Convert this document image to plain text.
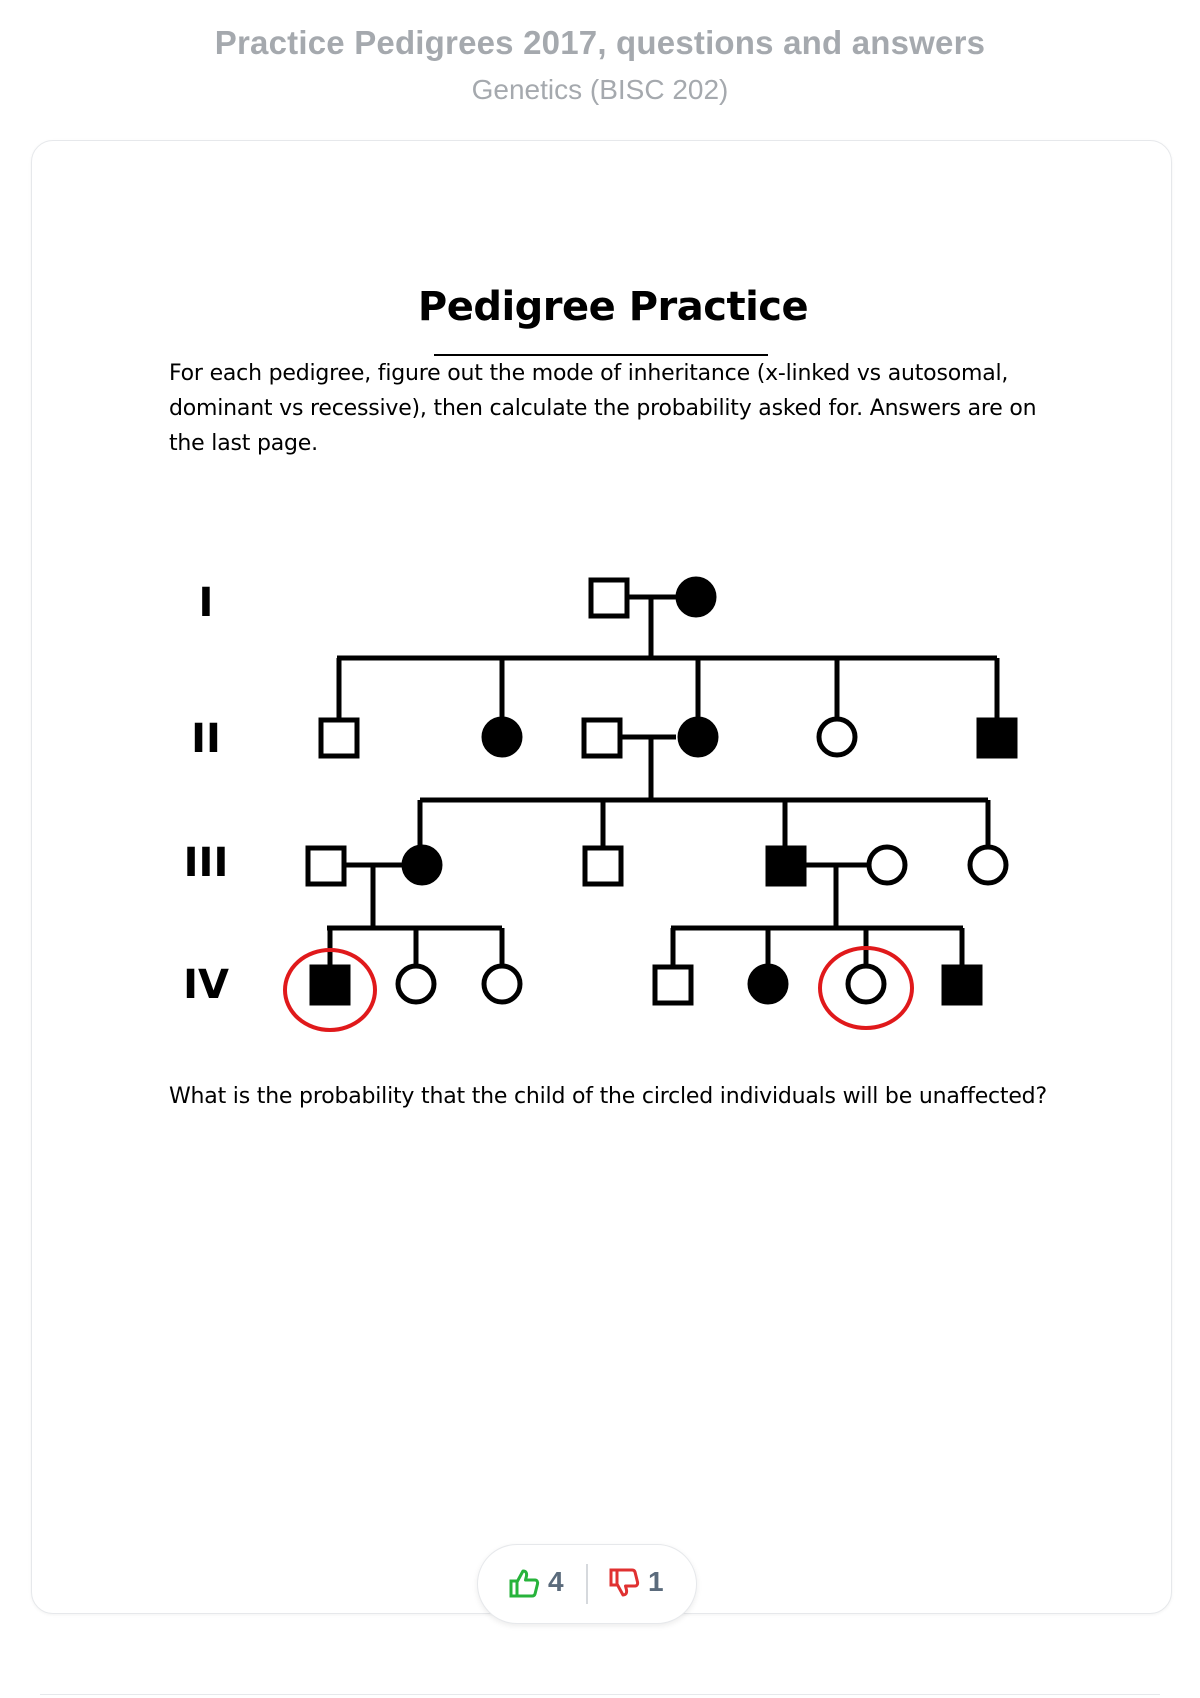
Practice Pedigrees 2017, questions and answers
Genetics (BISC 202)
Pedigree Practice
For each pedigree, figure out the mode of inheritance (x-linked vs autosomal, dominant vs recessive), then calculate the probability asked for. Answers are on the last page.
I
II
III
IV
What is the probability that the child of the circled individuals will be unaffected?
4	1
